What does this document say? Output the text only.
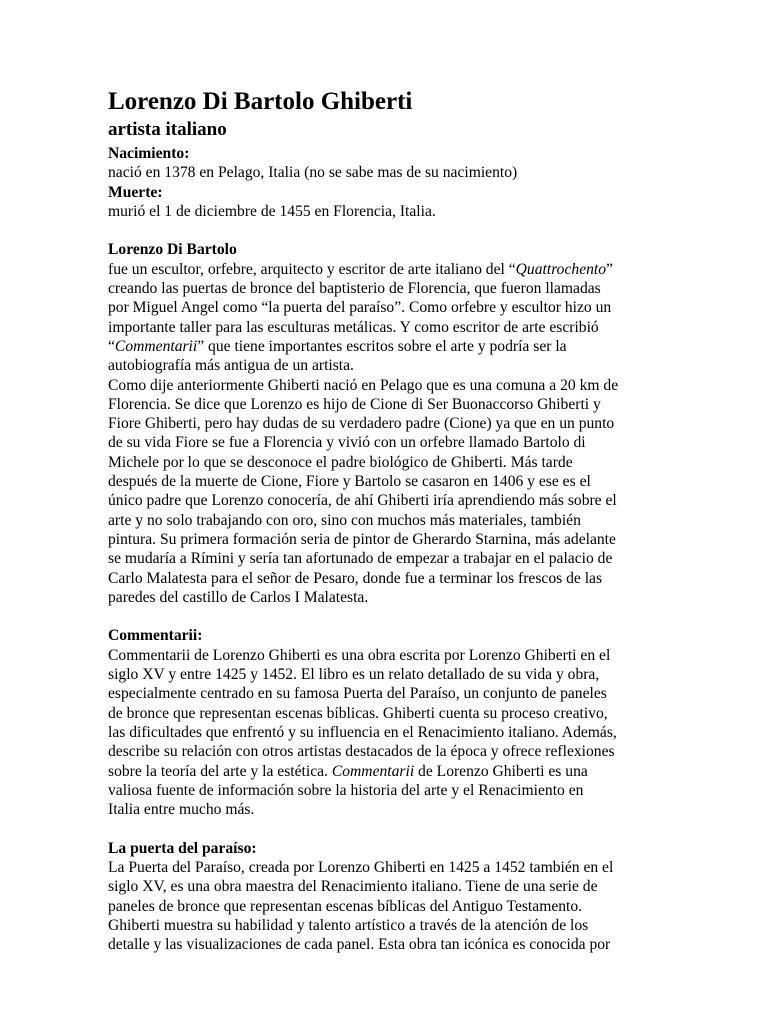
Lorenzo Di Bartolo Ghiberti
artista italiano

Nacimiento:

nació en 1378 en Pelago, Italia (no se sabe mas de su nacimiento)

Muerte:

murió el 1 de diciembre de 1455 en Florencia, Italia.

Lorenzo Di Bartolo

fue un escultor, orfebre, arquitecto y escritor de arte italiano del “Quattrochento”

creando las puertas de bronce del baptisterio de Florencia, que fueron llamadas

por Miguel Angel como “la puerta del paraíso”. Como orfebre y escultor hizo un

importante taller para las esculturas metálicas. Y como escritor de arte escribió

“Commentarii” que tiene importantes escritos sobre el arte y podría ser la

autobiografía más antigua de un artista.

Como dije anteriormente Ghiberti nació en Pelago que es una comuna a 20 km de

Florencia. Se dice que Lorenzo es hijo de Cione di Ser Buonaccorso Ghiberti y

Fiore Ghiberti, pero hay dudas de su verdadero padre (Cione) ya que en un punto

de su vida Fiore se fue a Florencia y vivió con un orfebre llamado Bartolo di

Michele por lo que se desconoce el padre biológico de Ghiberti. Más tarde

después de la muerte de Cione, Fiore y Bartolo se casaron en 1406 y ese es el

único padre que Lorenzo conocería, de ahí Ghiberti iría aprendiendo más sobre el

arte y no solo trabajando con oro, sino con muchos más materiales, también

pintura. Su primera formación seria de pintor de Gherardo Starnina, más adelante

se mudaría a Rímini y sería tan afortunado de empezar a trabajar en el palacio de

Carlo Malatesta para el señor de Pesaro, donde fue a terminar los frescos de las

paredes del castillo de Carlos I Malatesta.

Commentarii:

Commentarii de Lorenzo Ghiberti es una obra escrita por Lorenzo Ghiberti en el

siglo XV y entre 1425 y 1452. El libro es un relato detallado de su vida y obra,

especialmente centrado en su famosa Puerta del Paraíso, un conjunto de paneles

de bronce que representan escenas bíblicas. Ghiberti cuenta su proceso creativo,

las dificultades que enfrentó y su influencia en el Renacimiento italiano. Además,

describe su relación con otros artistas destacados de la época y ofrece reflexiones

sobre la teoría del arte y la estética. Commentarii de Lorenzo Ghiberti es una

valiosa fuente de información sobre la historia del arte y el Renacimiento en

Italia entre mucho más.

La puerta del paraíso:

La Puerta del Paraíso, creada por Lorenzo Ghiberti en 1425 a 1452 también en el

siglo XV, es una obra maestra del Renacimiento italiano. Tiene de una serie de

paneles de bronce que representan escenas bíblicas del Antiguo Testamento.

Ghiberti muestra su habilidad y talento artístico a través de la atención de los

detalle y las visualizaciones de cada panel. Esta obra tan icónica es conocida por
